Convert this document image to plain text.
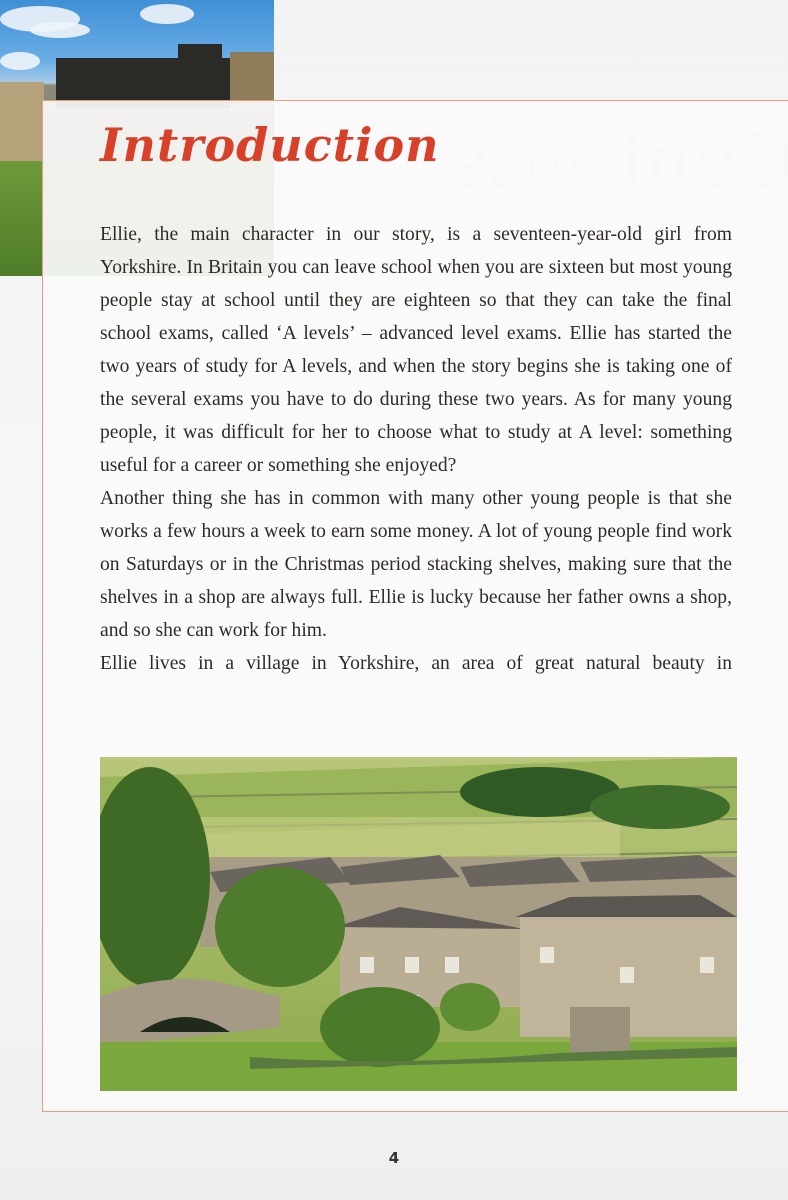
Introduction

Ellie, the main character in our story, is a seventeen-year-old girl from Yorkshire. In Britain you can leave school when you are sixteen but most young people stay at school until they are eighteen so that they can take the final school exams, called ‘A levels’ – advanced level exams. Ellie has started the two years of study for A levels, and when the story begins she is taking one of the several exams you have to do during these two years. As for many young people, it was difficult for her to choose what to study at A level: something useful for a career or something she enjoyed?

Another thing she has in common with many other young people is that she works a few hours a week to earn some money. A lot of young people find work on Saturdays or in the Christmas period stacking shelves, making sure that the shelves in a shop are always full. Ellie is lucky because her father owns a shop, and so she can work for him.

Ellie lives in a village in Yorkshire, an area of great natural beauty in

4
